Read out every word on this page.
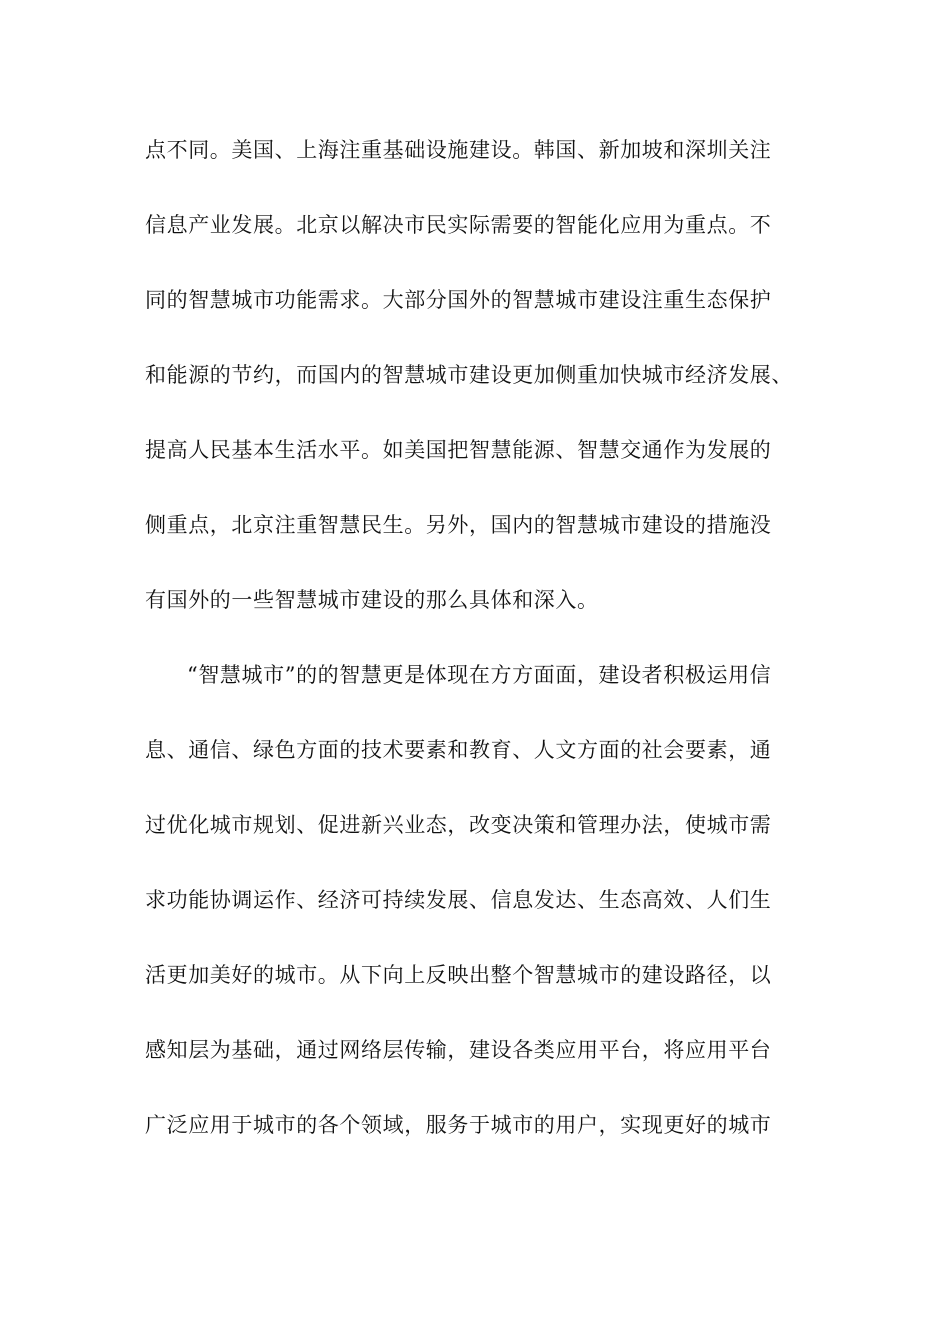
点不同。美国、上海注重基础设施建设。韩国、新加坡和深圳关注
信息产业发展。北京以解决市民实际需要的智能化应用为重点。不
同的智慧城市功能需求。大部分国外的智慧城市建设注重生态保护
和能源的节约，而国内的智慧城市建设更加侧重加快城市经济发展、
提高人民基本生活水平。如美国把智慧能源、智慧交通作为发展的
侧重点，北京注重智慧民生。另外，国内的智慧城市建设的措施没
有国外的一些智慧城市建设的那么具体和深入。
“智慧城市”的的智慧更是体现在方方面面，建设者积极运用信
息、通信、绿色方面的技术要素和教育、人文方面的社会要素，通
过优化城市规划、促进新兴业态，改变决策和管理办法，使城市需
求功能协调运作、经济可持续发展、信息发达、生态高效、人们生
活更加美好的城市。从下向上反映出整个智慧城市的建设路径，以
感知层为基础，通过网络层传输，建设各类应用平台，将应用平台
广泛应用于城市的各个领域，服务于城市的用户，实现更好的城市
